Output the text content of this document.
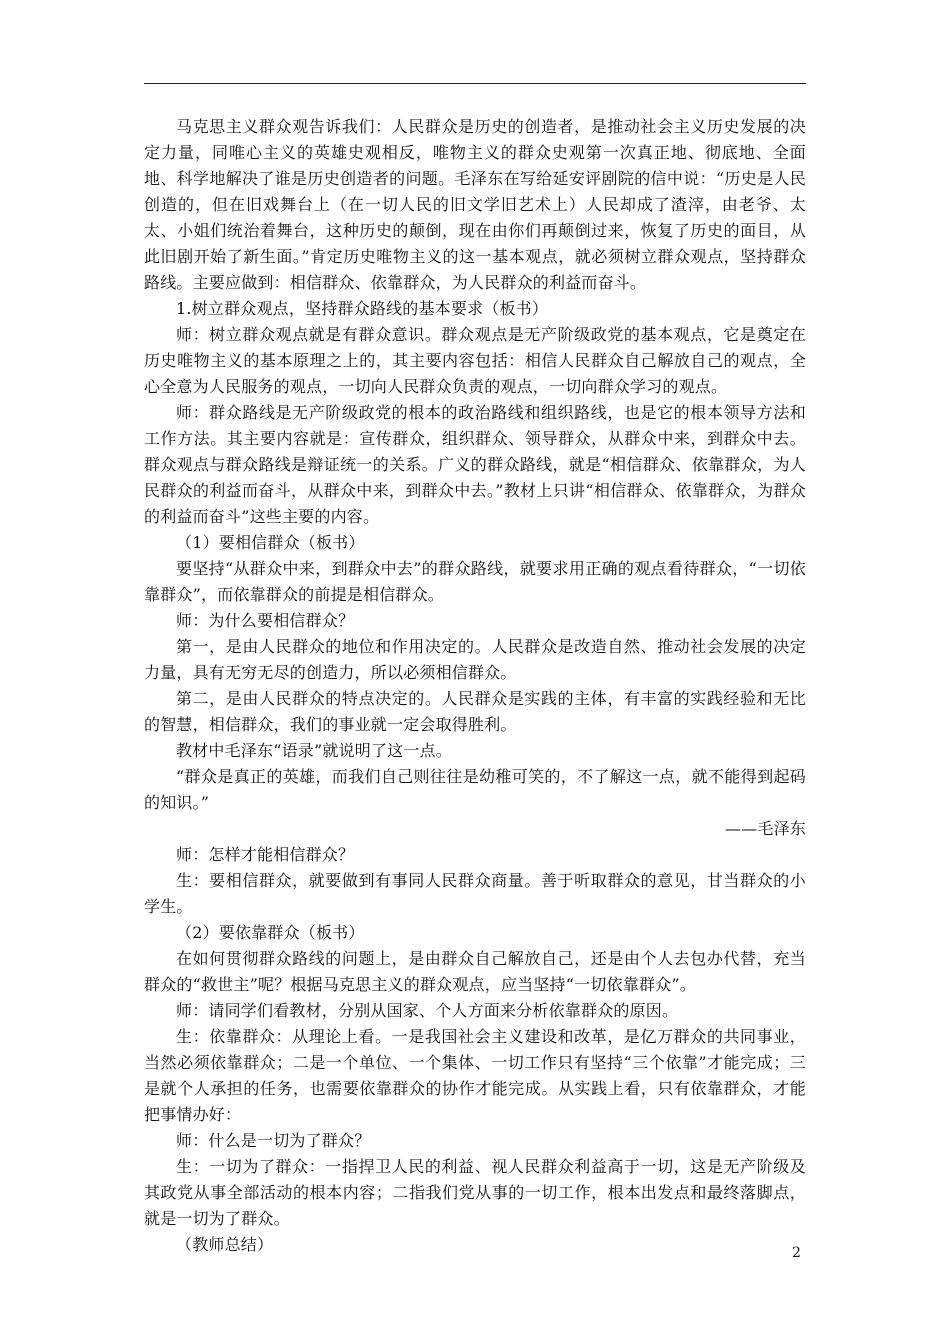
马克思主义群众观告诉我们：人民群众是历史的创造者，是推动社会主义历史发展的决定力量，同唯心主义的英雄史观相反，唯物主义的群众史观第一次真正地、彻底地、全面地、科学地解决了谁是历史创造者的问题。毛泽东在写给延安评剧院的信中说：“历史是人民创造的，但在旧戏舞台上（在一切人民的旧文学旧艺术上）人民却成了渣滓，由老爷、太太、小姐们统治着舞台，这种历史的颠倒，现在由你们再颠倒过来，恢复了历史的面目，从此旧剧开始了新生面。”肯定历史唯物主义的这一基本观点，就必须树立群众观点，坚持群众路线。主要应做到：相信群众、依靠群众，为人民群众的利益而奋斗。

1.树立群众观点，坚持群众路线的基本要求（板书）

师：树立群众观点就是有群众意识。群众观点是无产阶级政党的基本观点，它是奠定在历史唯物主义的基本原理之上的，其主要内容包括：相信人民群众自己解放自己的观点，全心全意为人民服务的观点，一切向人民群众负责的观点，一切向群众学习的观点。

师：群众路线是无产阶级政党的根本的政治路线和组织路线，也是它的根本领导方法和工作方法。其主要内容就是：宣传群众，组织群众、领导群众，从群众中来，到群众中去。群众观点与群众路线是辩证统一的关系。广义的群众路线，就是“相信群众、依靠群众，为人民群众的利益而奋斗，从群众中来，到群众中去。”教材上只讲“相信群众、依靠群众，为群众的利益而奋斗”这些主要的内容。

（1）要相信群众（板书）

要坚持“从群众中来，到群众中去”的群众路线，就要求用正确的观点看待群众，“一切依靠群众”，而依靠群众的前提是相信群众。

师：为什么要相信群众？

第一，是由人民群众的地位和作用决定的。人民群众是改造自然、推动社会发展的决定力量，具有无穷无尽的创造力，所以必须相信群众。

第二，是由人民群众的特点决定的。人民群众是实践的主体，有丰富的实践经验和无比的智慧，相信群众，我们的事业就一定会取得胜利。

教材中毛泽东“语录”就说明了这一点。

“群众是真正的英雄，而我们自己则往往是幼稚可笑的，不了解这一点，就不能得到起码的知识。”

——毛泽东

师：怎样才能相信群众？

生：要相信群众，就要做到有事同人民群众商量。善于听取群众的意见，甘当群众的小学生。

（2）要依靠群众（板书）

在如何贯彻群众路线的问题上，是由群众自己解放自己，还是由个人去包办代替，充当群众的“救世主”呢？根据马克思主义的群众观点，应当坚持“一切依靠群众”。

师：请同学们看教材，分别从国家、个人方面来分析依靠群众的原因。

生：依靠群众：从理论上看。一是我国社会主义建设和改革，是亿万群众的共同事业，当然必须依靠群众；二是一个单位、一个集体、一切工作只有坚持“三个依靠”才能完成；三是就个人承担的任务，也需要依靠群众的协作才能完成。从实践上看，只有依靠群众，才能把事情办好：

师：什么是一切为了群众？

生：一切为了群众：一指捍卫人民的利益、视人民群众利益高于一切，这是无产阶级及其政党从事全部活动的根本内容；二指我们党从事的一切工作，根本出发点和最终落脚点，就是一切为了群众。

（教师总结）	2
